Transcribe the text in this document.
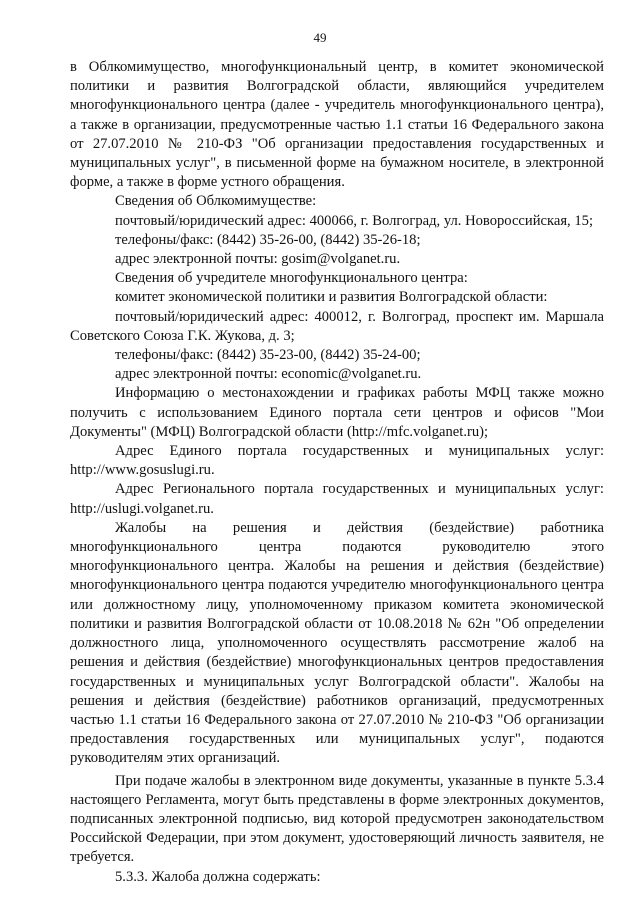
49

в Облкомимущество, многофункциональный центр, в комитет экономической политики и развития Волгоградской области, являющийся учредителем многофункционального центра (далее - учредитель многофункционального центра), а также в организации, предусмотренные частью 1.1 статьи 16 Федерального закона от 27.07.2010 № 210-ФЗ "Об организации предоставления государственных и муниципальных услуг", в письменной форме на бумажном носителе, в электронной форме, а также в форме устного обращения.

Сведения об Облкомимуществе:

почтовый/юридический адрес: 400066, г. Волгоград, ул. Новороссийская, 15;

телефоны/факс: (8442) 35-26-00, (8442) 35-26-18;

адрес электронной почты: gosim@volganet.ru.

Сведения об учредителе многофункционального центра:

комитет экономической политики и развития Волгоградской области:

почтовый/юридический адрес: 400012, г. Волгоград, проспект им. Маршала Советского Союза Г.К. Жукова, д. 3;

телефоны/факс: (8442) 35-23-00, (8442) 35-24-00;

адрес электронной почты: economic@volganet.ru.

Информацию о местонахождении и графиках работы МФЦ также можно получить с использованием Единого портала сети центров и офисов "Мои Документы" (МФЦ) Волгоградской области (http://mfc.volganet.ru);

Адрес Единого портала государственных и муниципальных услуг: http://www.gosuslugi.ru.

Адрес Регионального портала государственных и муниципальных услуг: http://uslugi.volganet.ru.

Жалобы на решения и действия (бездействие) работника многофункционального центра подаются руководителю этого многофункционального центра. Жалобы на решения и действия (бездействие) многофункционального центра подаются учредителю многофункционального центра или должностному лицу, уполномоченному приказом комитета экономической политики и развития Волгоградской области от 10.08.2018 № 62н "Об определении должностного лица, уполномоченного осуществлять рассмотрение жалоб на решения и действия (бездействие) многофункциональных центров предоставления государственных и муниципальных услуг Волгоградской области". Жалобы на решения и действия (бездействие) работников организаций, предусмотренных частью 1.1 статьи 16 Федерального закона от 27.07.2010 № 210-ФЗ "Об организации предоставления государственных или муниципальных услуг", подаются руководителям этих организаций.

При подаче жалобы в электронном виде документы, указанные в пункте 5.3.4 настоящего Регламента, могут быть представлены в форме электронных документов, подписанных электронной подписью, вид которой предусмотрен законодательством Российской Федерации, при этом документ, удостоверяющий личность заявителя, не требуется.

5.3.3. Жалоба должна содержать:
